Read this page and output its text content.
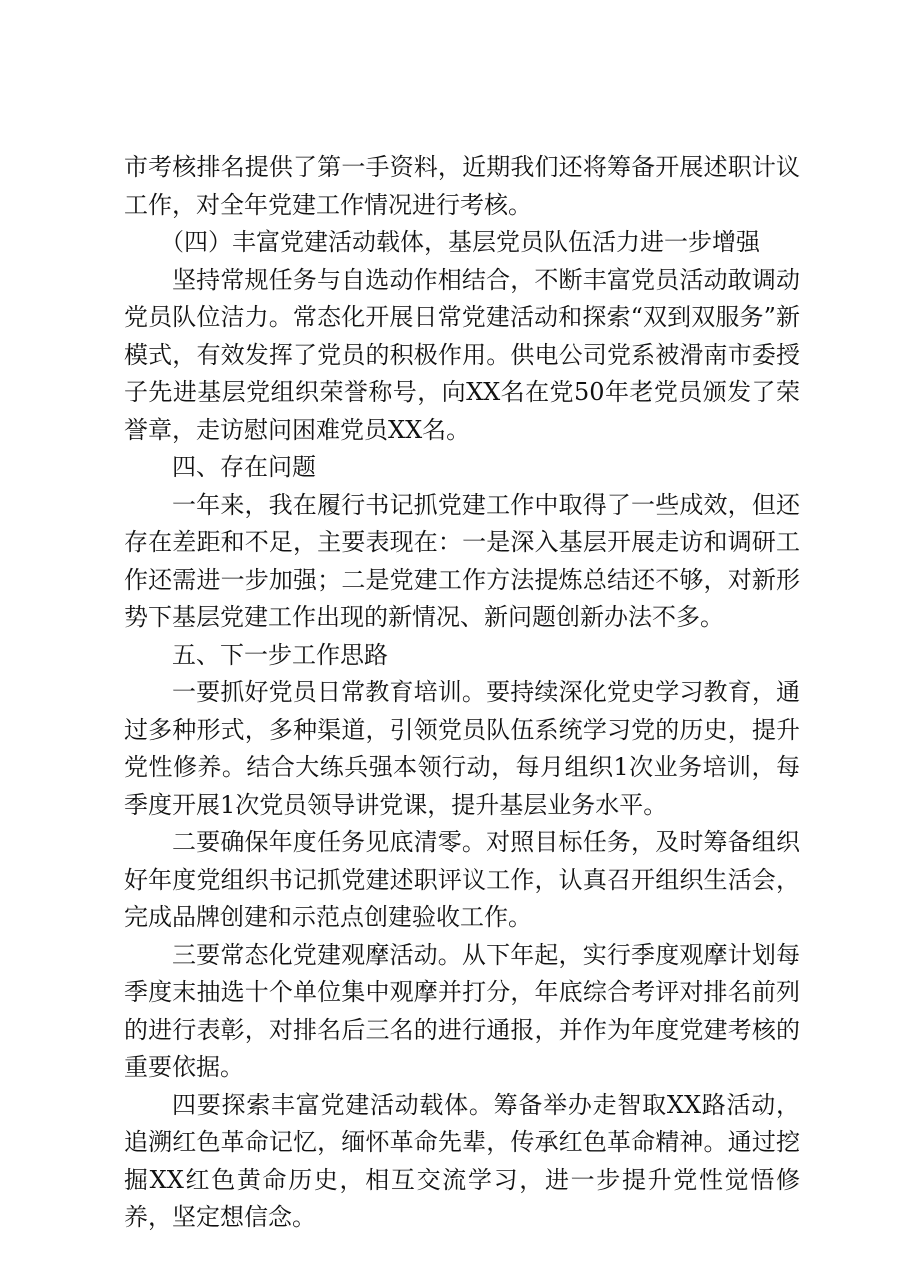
市考核排名提供了第一手资料，近期我们还将筹备开展述职计议工作，对全年党建工作情况进行考核。

（四）丰富党建活动载体，基层党员队伍活力进一步增强

坚持常规任务与自选动作相结合，不断丰富党员活动敢调动党员队位洁力。常态化开展日常党建活动和探索“双到双服务”新模式，有效发挥了党员的积极作用。供电公司党系被滑南市委授子先进基层党组织荣誉称号，向XX名在党50年老党员颁发了荣誉章，走访慰问困难党员XX名。

四、存在问题

一年来，我在履行书记抓党建工作中取得了一些成效，但还存在差距和不足，主要表现在：一是深入基层开展走访和调研工作还需进一步加强；二是党建工作方法提炼总结还不够，对新形势下基层党建工作出现的新情况、新问题创新办法不多。

五、下一步工作思路

一要抓好党员日常教育培训。要持续深化党史学习教育，通过多种形式，多种渠道，引领党员队伍系统学习党的历史，提升党性修养。结合大练兵强本领行动，每月组织1次业务培训，每季度开展1次党员领导讲党课，提升基层业务水平。

二要确保年度任务见底清零。对照目标任务，及时筹备组织好年度党组织书记抓党建述职评议工作，认真召开组织生活会，完成品牌创建和示范点创建验收工作。

三要常态化党建观摩活动。从下年起，实行季度观摩计划每季度末抽选十个单位集中观摩并打分，年底综合考评对排名前列的进行表彰，对排名后三名的进行通报，并作为年度党建考核的重要依据。

四要探索丰富党建活动载体。筹备举办走智取XX路活动，追溯红色革命记忆，缅怀革命先辈，传承红色革命精神。通过挖掘XX红色黄命历史，相互交流学习，进一步提升党性觉悟修养，坚定想信念。
